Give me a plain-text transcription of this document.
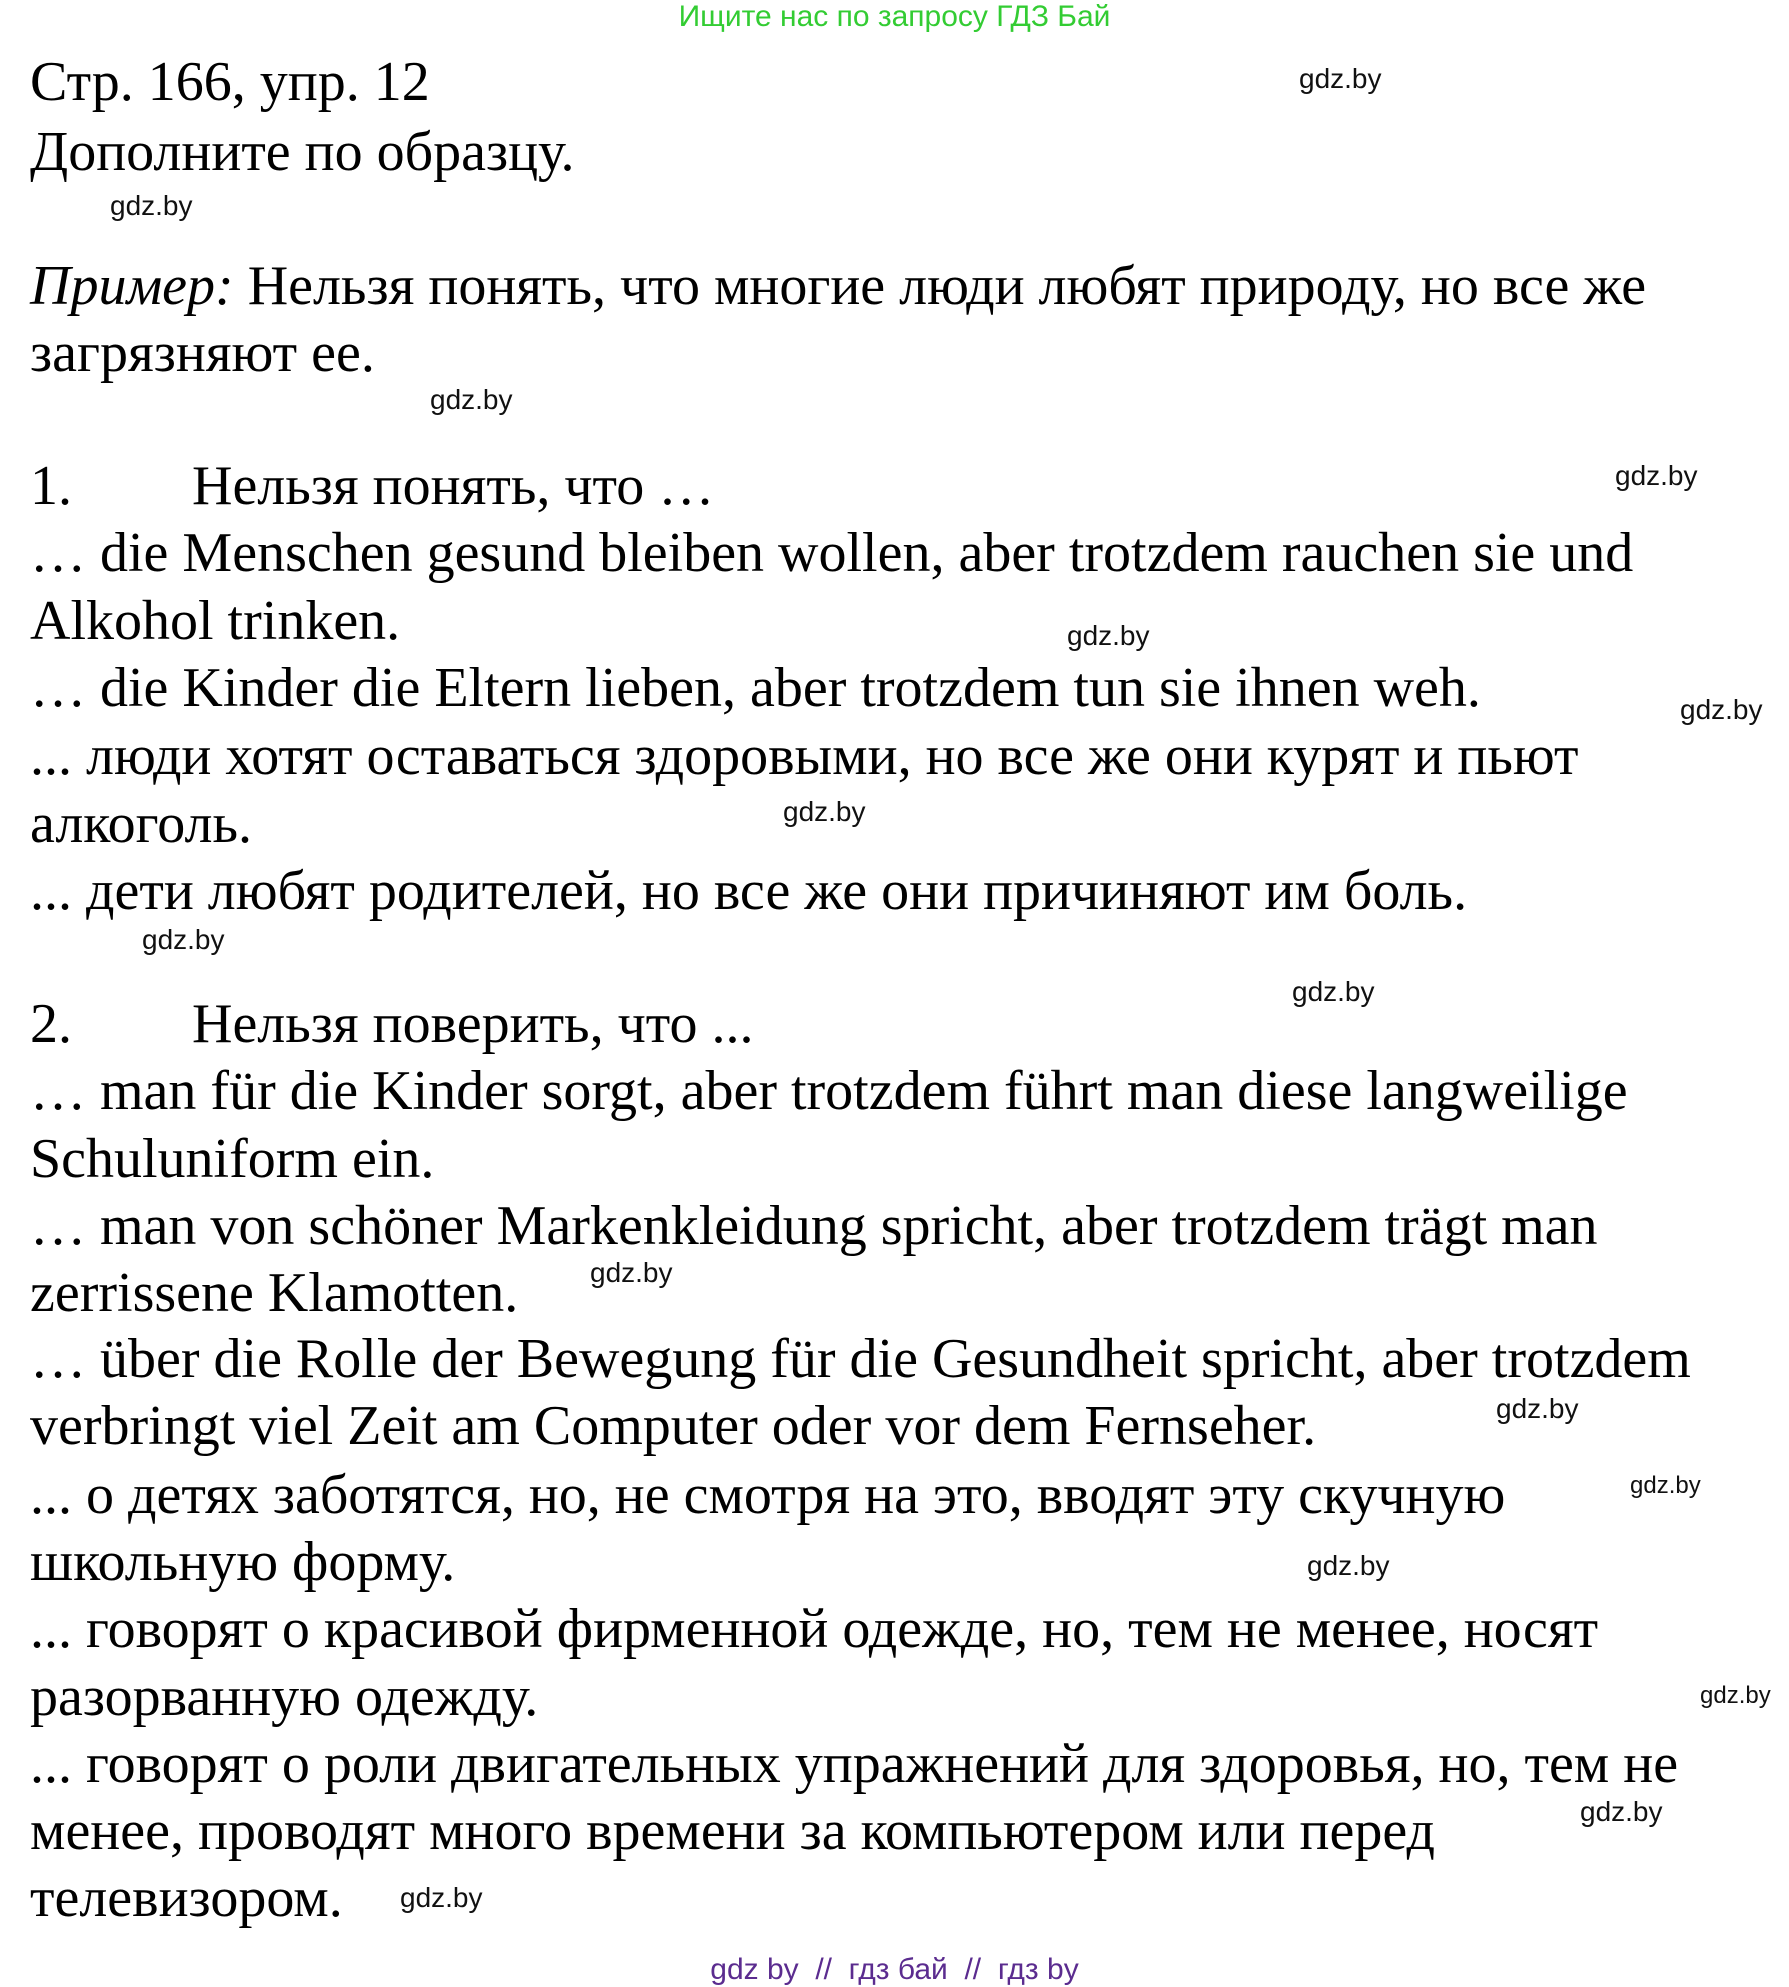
Ищите нас по запросу ГДЗ Бай
Стр. 166, упр. 12
Дополните по образцу.
Пример: Нельзя понять, что многие люди любят природу, но все же
загрязняют ее.
1. Нельзя понять, что …
… die Menschen gesund bleiben wollen, aber trotzdem rauchen sie und
Alkohol trinken.
… die Kinder die Eltern lieben, aber trotzdem tun sie ihnen weh.
... люди хотят оставаться здоровыми, но все же они курят и пьют
алкоголь.
... дети любят родителей, но все же они причиняют им боль.
2. Нельзя поверить, что ...
… man für die Kinder sorgt, aber trotzdem führt man diese langweilige
Schuluniform ein.
… man von schöner Markenkleidung spricht, aber trotzdem trägt man
zerrissene Klamotten.
… über die Rolle der Bewegung für die Gesundheit spricht, aber trotzdem
verbringt viel Zeit am Computer oder vor dem Fernseher.
... о детях заботятся, но, не смотря на это, вводят эту скучную
школьную форму.
... говорят о красивой фирменной одежде, но, тем не менее, носят
разорванную одежду.
... говорят о роли двигательных упражнений для здоровья, но, тем не
менее, проводят много времени за компьютером или перед
телевизором.
gdz.by
gdz.by
gdz.by
gdz.by
gdz.by
gdz.by
gdz.by
gdz.by
gdz.by
gdz.by
gdz.by
gdz.by
gdz.by
gdz.by
gdz.by
gdz.by
gdz by  //  гдз бай  //  гдз by
